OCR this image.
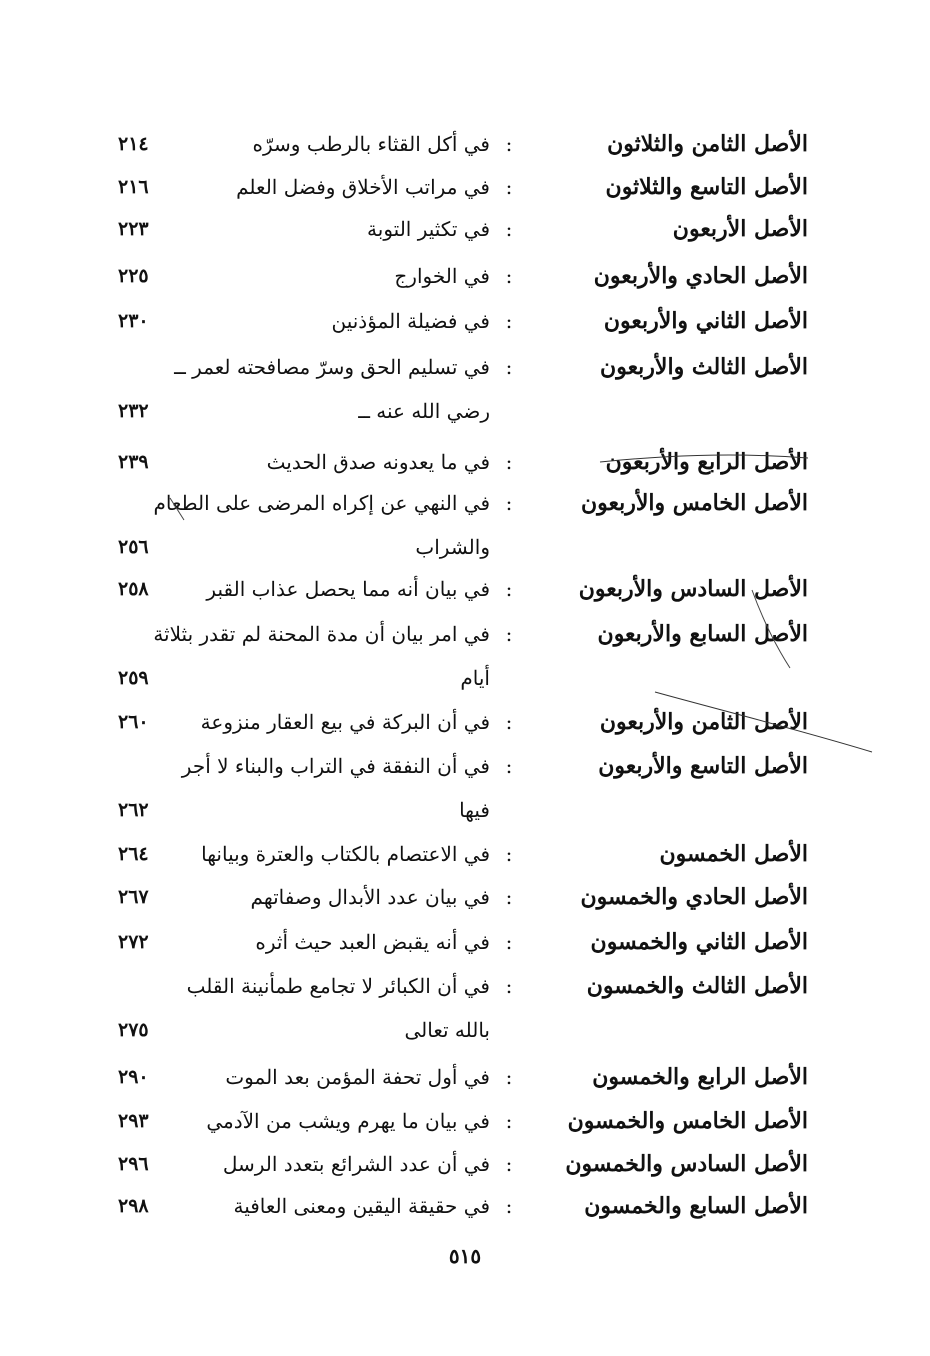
الأصل الثامن والثلاثون
:
في أكل القثاء بالرطب وسرّه
٢١٤
الأصل التاسع والثلاثون
:
في مراتب الأخلاق وفضل العلم
٢١٦
الأصل الأربعون
:
في تكثير التوبة
٢٢٣
الأصل الحادي والأربعون
:
في الخوارج
٢٢٥
الأصل الثاني والأربعون
:
في فضيلة المؤذنين
٢٣٠
الأصل الثالث والأربعون
:
في تسليم الحق وسرّ مصافحته لعمر ــ
رضي الله عنه ــ
٢٣٢
الأصل الرابع والأربعون
:
في ما يعدونه صدق الحديث
٢٣٩
الأصل الخامس والأربعون
:
في النهي عن إكراه المرضى على الطعام
والشراب
٢٥٦
الأصل السادس والأربعون
:
في بيان أنه مما يحصل عذاب القبر
٢٥٨
الأصل السابع والأربعون
:
في امر بيان أن مدة المحنة لم تقدر بثلاثة
أيام
٢٥٩
الأصل الثامن والأربعون
:
في أن البركة في بيع العقار منزوعة
٢٦٠
الأصل التاسع والأربعون
:
في أن النفقة في التراب والبناء لا أجر
فيها
٢٦٢
الأصل الخمسون
:
في الاعتصام بالكتاب والعترة وبيانها
٢٦٤
الأصل الحادي والخمسون
:
في بيان عدد الأبدال وصفاتهم
٢٦٧
الأصل الثاني والخمسون
:
في أنه يقبض العبد حيث أثره
٢٧٢
الأصل الثالث والخمسون
:
في أن الكبائر لا تجامع طمأنينة القلب
بالله تعالى
٢٧٥
الأصل الرابع والخمسون
:
في أول تحفة المؤمن بعد الموت
٢٩٠
الأصل الخامس والخمسون
:
في بيان ما يهرم ويشب من الآدمي
٢٩٣
الأصل السادس والخمسون
:
في أن عدد الشرائع بتعدد الرسل
٢٩٦
الأصل السابع والخمسون
:
في حقيقة اليقين ومعنى العافية
٢٩٨
٥١٥
